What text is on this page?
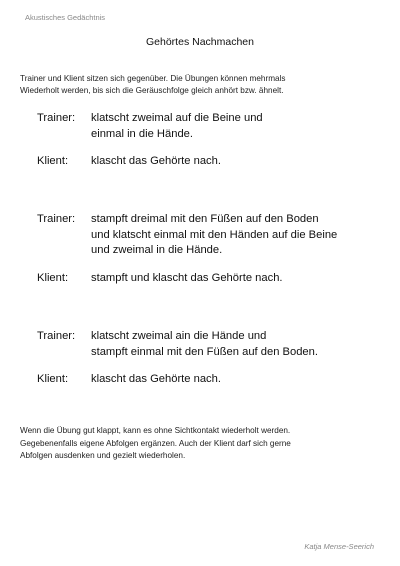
Akustisches Gedächtnis
Gehörtes Nachmachen
Trainer und Klient sitzen sich gegenüber. Die Übungen können mehrmals
Wiederholt werden, bis sich die Geräuschfolge gleich anhört bzw. ähnelt.
Trainer:	klatscht zweimal auf die Beine und
einmal in die Hände.
Klient:	klascht das Gehörte nach.
Trainer:	stampft dreimal mit den Füßen auf den Boden
und klatscht einmal mit den Händen auf die Beine
und zweimal in die Hände.
Klient:	stampft und klascht das Gehörte nach.
Trainer:	klatscht zweimal ain die Hände und
stampft einmal mit den Füßen auf den Boden.
Klient:	klascht das Gehörte nach.
Wenn die Übung gut klappt, kann es ohne Sichtkontakt wiederholt werden.
Gegebenenfalls eigene Abfolgen ergänzen. Auch der Klient darf sich gerne
Abfolgen ausdenken und gezielt wiederholen.
Katja Mense-Seerich
